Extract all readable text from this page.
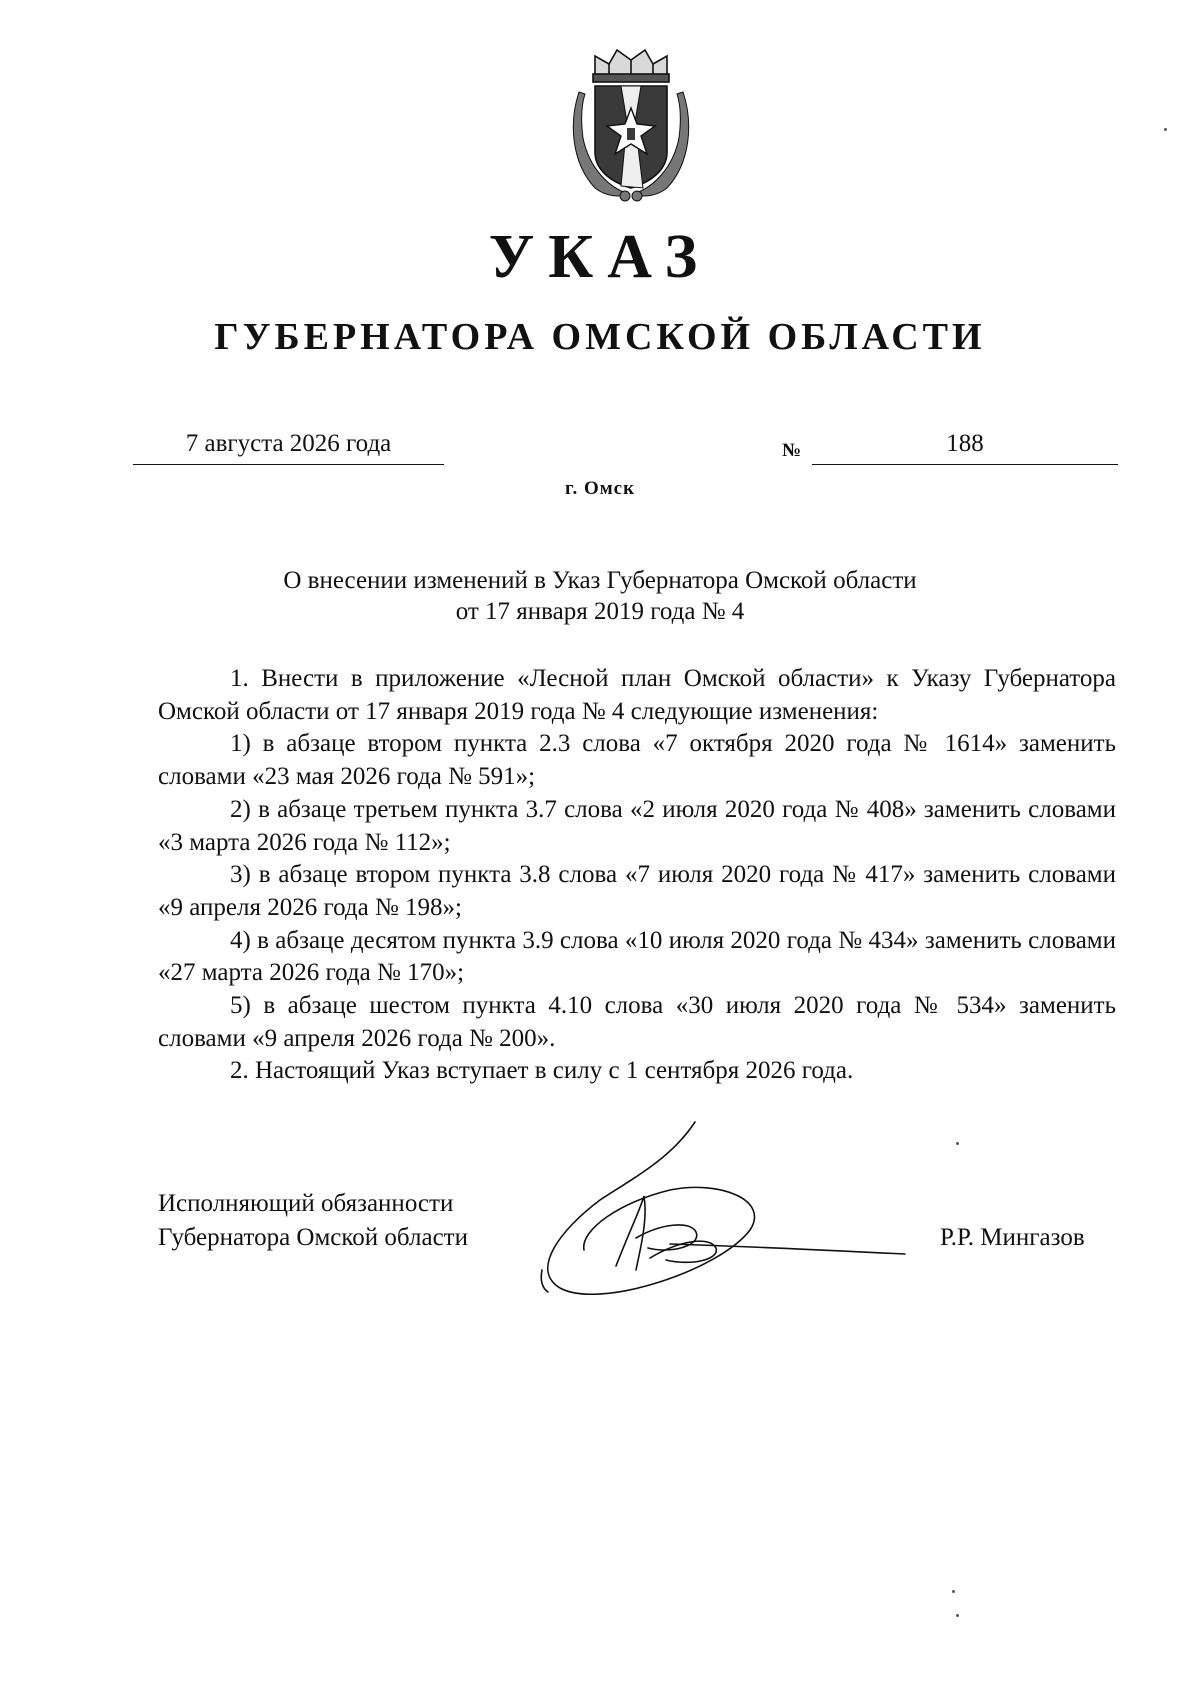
УКАЗ
ГУБЕРНАТОРА ОМСКОЙ ОБЛАСТИ
7 августа 2026 года	№	188
г. Омск
О внесении изменений в Указ Губернатора Омской области
от 17 января 2019 года № 4

1. Внести в приложение «Лесной план Омской области» к Указу Губернатора Омской области от 17 января 2019 года № 4 следующие изменения:

1) в абзаце втором пункта 2.3 слова «7 октября 2020 года № 1614» заменить словами «23 мая 2026 года № 591»;

2) в абзаце третьем пункта 3.7 слова «2 июля 2020 года № 408» заменить словами «3 марта 2026 года № 112»;

3) в абзаце втором пункта 3.8 слова «7 июля 2020 года № 417» заменить словами «9 апреля 2026 года № 198»;

4) в абзаце десятом пункта 3.9 слова «10 июля 2020 года № 434» заменить словами «27 марта 2026 года № 170»;

5) в абзаце шестом пункта 4.10 слова «30 июля 2020 года № 534» заменить словами «9 апреля 2026 года № 200».

2. Настоящий Указ вступает в силу с 1 сентября 2026 года.

Исполняющий обязанности
Губернатора Омской области	Р.Р. Мингазов
